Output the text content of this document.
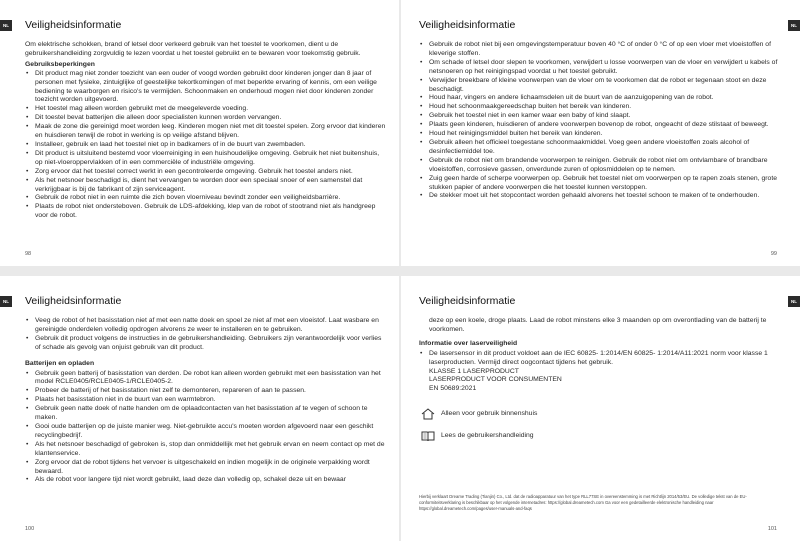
NL Veiligheidsinformatie

Om elektrische schokken, brand of letsel door verkeerd gebruik van het toestel te voorkomen, dient u de gebruikershandleiding zorgvuldig te lezen voordat u het toestel gebruikt en te bewaren voor toekomstig gebruik.

Gebruiksbeperkingen
• Dit product mag niet zonder toezicht van een ouder of voogd worden gebruikt door kinderen jonger dan 8 jaar of personen met fysieke, zintuiglijke of geestelijke tekortkomingen of met beperkte ervaring of kennis, om een veilige bediening te waarborgen en risico's te vermijden. Schoonmaken en onderhoud mogen niet door kinderen zonder toezicht worden uitgevoerd.
• Het toestel mag alleen worden gebruikt met de meegeleverde voeding.
• Dit toestel bevat batterijen die alleen door specialisten kunnen worden vervangen.
• Maak de zone die gereinigd moet worden leeg. Kinderen mogen niet met dit toestel spelen. Zorg ervoor dat kinderen en huisdieren terwijl de robot in werking is op veilige afstand blijven.
• Installeer, gebruik en laad het toestel niet op in badkamers of in de buurt van zwembaden.
• Dit product is uitsluitend bestemd voor vloerreiniging in een huishoudelijke omgeving. Gebruik het niet buitenshuis, op niet-vloeroppervlakken of in een commerciële of industriële omgeving.
• Zorg ervoor dat het toestel correct werkt in een gecontroleerde omgeving. Gebruik het toestel anders niet.
• Als het netsnoer beschadigd is, dient het vervangen te worden door een speciaal snoer of een samenstel dat verkrijgbaar is bij de fabrikant of zijn serviceagent.
• Gebruik de robot niet in een ruimte die zich boven vloerniveau bevindt zonder een veiligheidsbarrière.
• Plaats de robot niet ondersteboven. Gebruik de LDS-afdekking, klep van de robot of stootrand niet als handgreep voor de robot.
98
NL
Veiligheidsinformatie
• Gebruik de robot niet bij een omgevingstemperatuur boven 40 °C of onder 0 °C of op een vloer met vloeistoffen of kleverige stoffen.
• Om schade of letsel door slepen te voorkomen, verwijdert u losse voorwerpen van de vloer en verwijdert u kabels of netsnoeren op het reinigingspad voordat u het toestel gebruikt.
• Verwijder breekbare of kleine voorwerpen van de vloer om te voorkomen dat de robot er tegenaan stoot en deze beschadigt.
• Houd haar, vingers en andere lichaamsdelen uit de buurt van de aanzuigopening van de robot.
• Houd het schoonmaakgereedschap buiten het bereik van kinderen.
• Gebruik het toestel niet in een kamer waar een baby of kind slaapt.
• Plaats geen kinderen, huisdieren of andere voorwerpen bovenop de robot, ongeacht of deze stilstaat of beweegt.
• Houd het reinigingsmiddel buiten het bereik van kinderen.
• Gebruik alleen het officieel toegestane schoonmaakmiddel. Voeg geen andere vloeistoffen zoals alcohol of desinfectiemiddel toe.
• Gebruik de robot niet om brandende voorwerpen te reinigen. Gebruik de robot niet om ontvlambare of brandbare vloeistoffen, corrosieve gassen, onverdunde zuren of oplosmiddelen op te nemen.
• Zuig geen harde of scherpe voorwerpen op. Gebruik het toestel niet om voorwerpen op te rapen zoals stenen, grote stukken papier of andere voorwerpen die het toestel kunnen verstoppen.
• De stekker moet uit het stopcontact worden gehaald alvorens het toestel schoon te maken of te onderhouden.
99
NL Veiligheidsinformatie
• Veeg de robot of het basisstation niet af met een natte doek en spoel ze niet af met een vloeistof. Laat wasbare en gereinigde onderdelen volledig opdrogen alvorens ze weer te installeren en te gebruiken.
• Gebruik dit product volgens de instructies in de gebruikershandleiding. Gebruikers zijn verantwoordelijk voor verlies of schade als gevolg van onjuist gebruik van dit product.
Batterijen en opladen
• Gebruik geen batterij of basisstation van derden. De robot kan alleen worden gebruikt met een basisstation van het model RCLE0405/RCLE0405-1/RCLE0405-2.
• Probeer de batterij of het basisstation niet zelf te demonteren, repareren of aan te passen.
• Plaats het basisstation niet in de buurt van een warmtebron.
• Gebruik geen natte doek of natte handen om de oplaadcontacten van het basisstation af te vegen of schoon te maken.
• Gooi oude batterijen op de juiste manier weg. Niet-gebruikte accu's moeten worden afgevoerd naar een geschikt recyclingbedrijf.
• Als het netsnoer beschadigd of gebroken is, stop dan onmiddellijk met het gebruik ervan en neem contact op met de klantenservice.
• Zorg ervoor dat de robot tijdens het vervoer is uitgeschakeld en indien mogelijk in de originele verpakking wordt bewaard.
• Als de robot voor langere tijd niet wordt gebruikt, laad deze dan volledig op, schakel deze uit en bewaar
100
NL
Veiligheidsinformatie

deze op een koele, droge plaats. Laad de robot minstens elke 3 maanden op om overontlading van de batterij te voorkomen.

Informatie over laserveiligheid
• De lasersensor in dit product voldoet aan de IEC 60825- 1:2014/EN 60825- 1:2014/A11:2021 norm voor klasse 1 laserproducten. Vermijd direct oogcontact tijdens het gebruik.
KLASSE 1 LASERPRODUCT
LASERPRODUCT VOOR CONSUMENTEN
EN 50689:2021
Alleen voor gebruik binnenshuis
Lees de gebruikershandleiding
Hierbij verklaart Dreame Trading (Tianjin) Co., Ltd. dat de radioapparatuur van het type RLL77SE in overeenstemming is met Richtlijn 2014/53/EU. De volledige tekst van de EU-conformiteitsverklaring is beschikbaar op het volgende internetadres: https://global.dreametech.com Ga voor een gedetailleerde elektronische handleiding naar https://global.dreametech.com/pages/user-manuals-and-faqs
101
